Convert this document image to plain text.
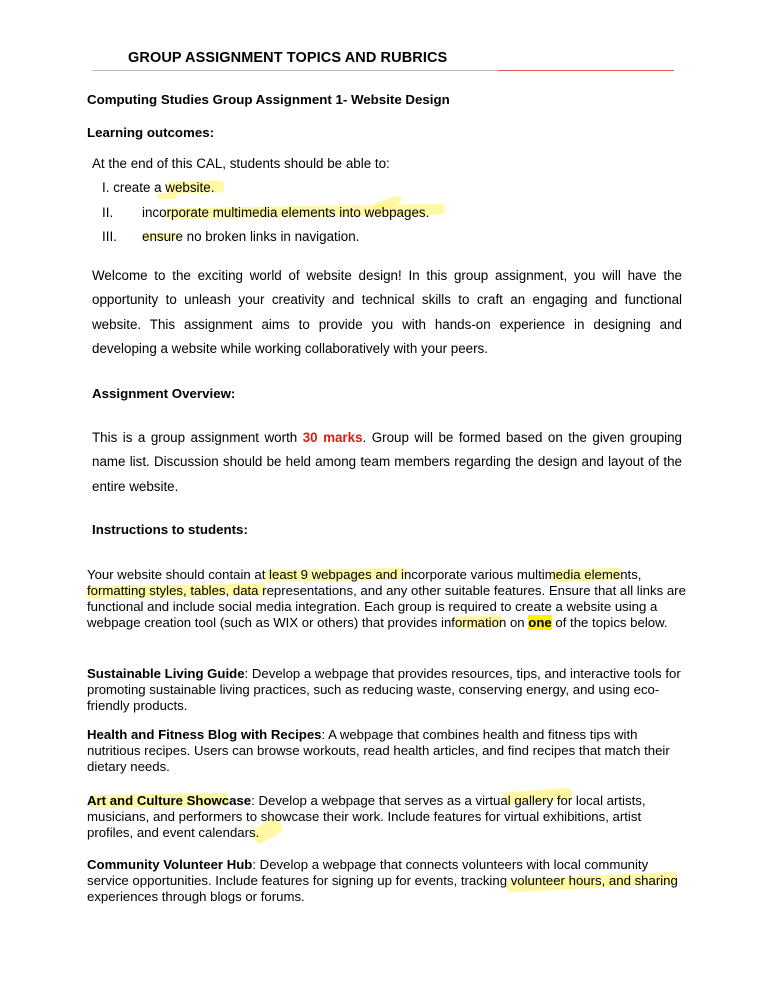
GROUP ASSIGNMENT TOPICS AND RUBRICS
Computing Studies Group Assignment 1- Website Design
Learning outcomes:
At the end of this CAL, students should be able to:
I. create a website.
II. incorporate multimedia elements into webpages.
III. ensure no broken links in navigation.
Welcome to the exciting world of website design! In this group assignment, you will have the opportunity to unleash your creativity and technical skills to craft an engaging and functional website. This assignment aims to provide you with hands-on experience in designing and developing a website while working collaboratively with your peers.
Assignment Overview:
This is a group assignment worth 30 marks. Group will be formed based on the given grouping name list. Discussion should be held among team members regarding the design and layout of the entire website.
Instructions to students:
Your website should contain at least 9 webpages and incorporate various multimedia elements, formatting styles, tables, data representations, and any other suitable features. Ensure that all links are functional and include social media integration. Each group is required to create a website using a webpage creation tool (such as WIX or others) that provides information on one of the topics below.
Sustainable Living Guide: Develop a webpage that provides resources, tips, and interactive tools for promoting sustainable living practices, such as reducing waste, conserving energy, and using eco-friendly products.
Health and Fitness Blog with Recipes: A webpage that combines health and fitness tips with nutritious recipes. Users can browse workouts, read health articles, and find recipes that match their dietary needs.
Art and Culture Showcase: Develop a webpage that serves as a virtual gallery for local artists, musicians, and performers to showcase their work. Include features for virtual exhibitions, artist profiles, and event calendars.
Community Volunteer Hub: Develop a webpage that connects volunteers with local community service opportunities. Include features for signing up for events, tracking volunteer hours, and sharing experiences through blogs or forums.
